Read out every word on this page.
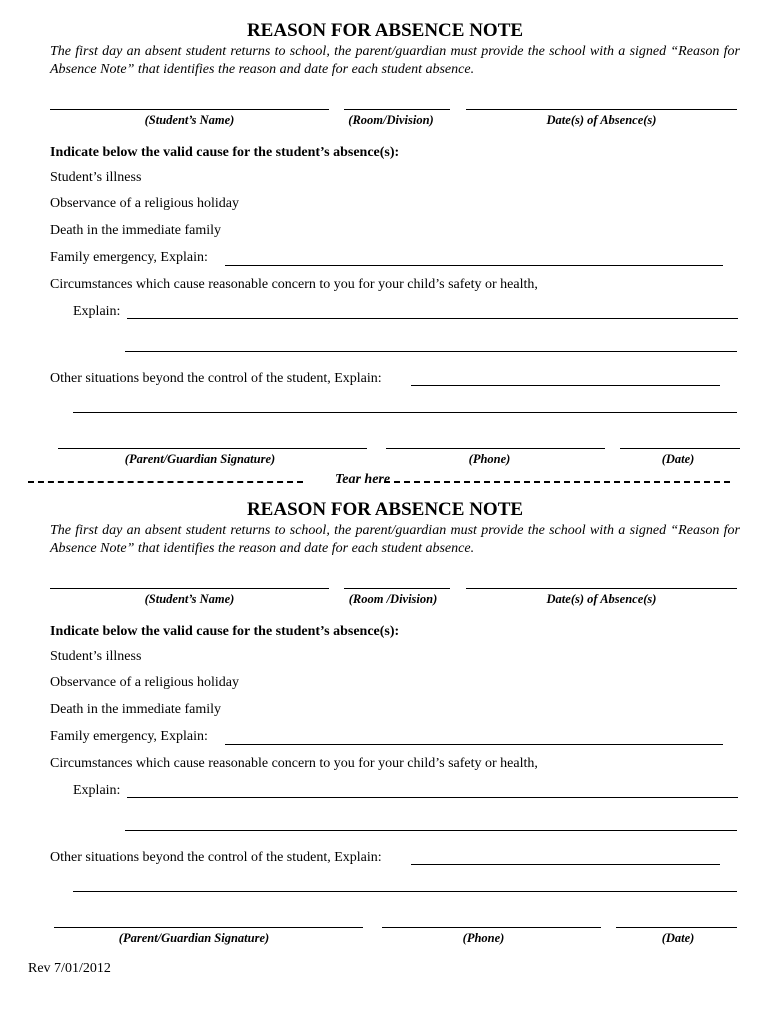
REASON FOR ABSENCE NOTE

The first day an absent student returns to school, the parent/guardian must provide the school with a signed “Reason for Absence Note” that identifies the reason and date for each student absence.

(Student’s Name)	(Room/Division)	Date(s) of Absence(s)
Indicate below the valid cause for the student’s absence(s):
Student’s illness
Observance of a religious holiday
Death in the immediate family
Family emergency, Explain:
Circumstances which cause reasonable concern to you for your child’s safety or health,
Explain:
Other situations beyond the control of the student, Explain:
(Parent/Guardian Signature)	(Phone)	(Date)
Tear here
REASON FOR ABSENCE NOTE

The first day an absent student returns to school, the parent/guardian must provide the school with a signed “Reason for Absence Note” that identifies the reason and date for each student absence.

(Student’s Name)	(Room /Division)	Date(s) of Absence(s)
Indicate below the valid cause for the student’s absence(s):
Student’s illness
Observance of a religious holiday
Death in the immediate family
Family emergency, Explain:
Circumstances which cause reasonable concern to you for your child’s safety or health,
Explain:
Other situations beyond the control of the student, Explain:
(Parent/Guardian Signature)	(Phone)	(Date)
Rev 7/01/2012
